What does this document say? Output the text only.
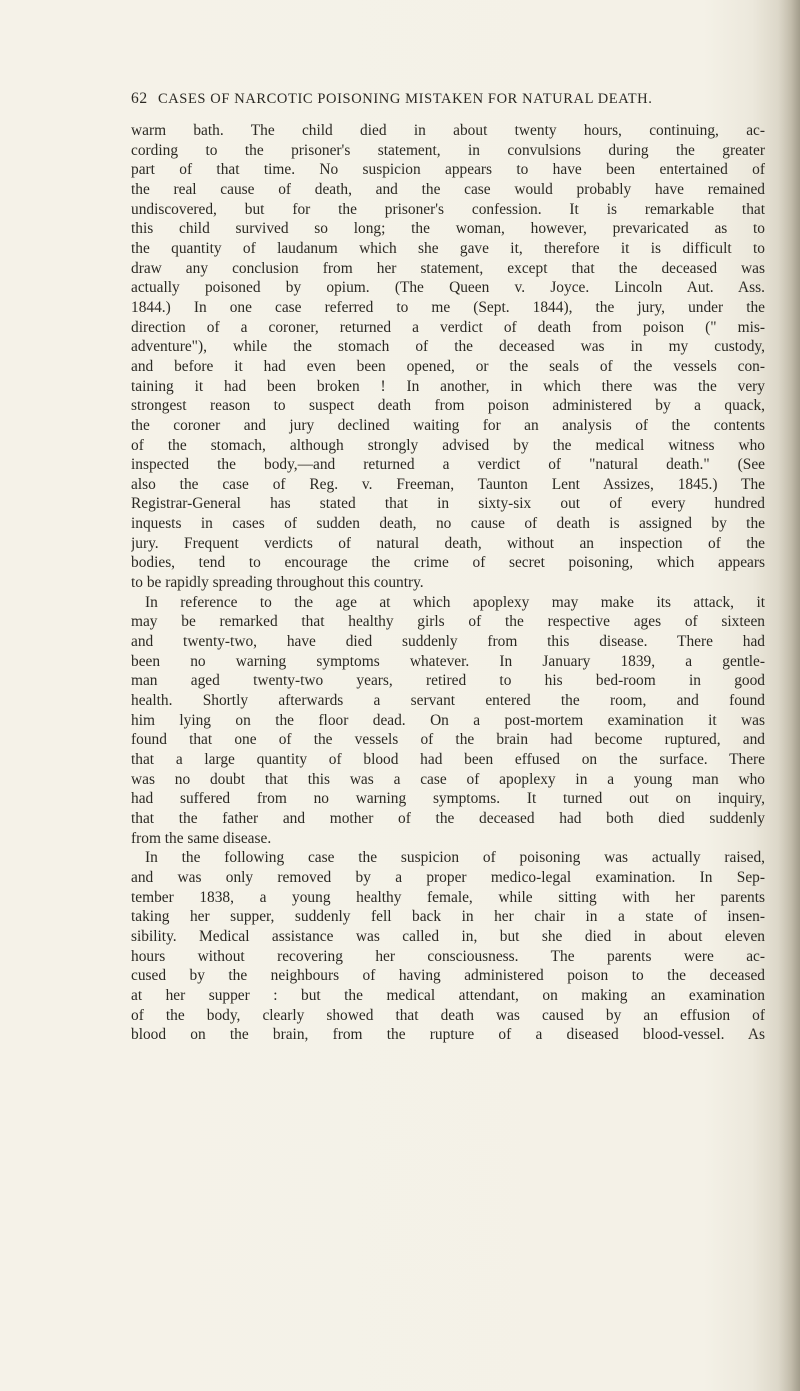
62 CASES OF NARCOTIC POISONING MISTAKEN FOR NATURAL DEATH.
warm bath. The child died in about twenty hours, continuing, ac-
cording to the prisoner's statement, in convulsions during the greater
part of that time. No suspicion appears to have been entertained of
the real cause of death, and the case would probably have remained
undiscovered, but for the prisoner's confession. It is remarkable that
this child survived so long; the woman, however, prevaricated as to
the quantity of laudanum which she gave it, therefore it is difficult to
draw any conclusion from her statement, except that the deceased was
actually poisoned by opium. (The Queen v. Joyce. Lincoln Aut. Ass.
1844.) In one case referred to me (Sept. 1844), the jury, under the
direction of a coroner, returned a verdict of death from poison (" mis-
adventure"), while the stomach of the deceased was in my custody,
and before it had even been opened, or the seals of the vessels con-
taining it had been broken ! In another, in which there was the very
strongest reason to suspect death from poison administered by a quack,
the coroner and jury declined waiting for an analysis of the contents
of the stomach, although strongly advised by the medical witness who
inspected the body,—and returned a verdict of "natural death." (See
also the case of Reg. v. Freeman, Taunton Lent Assizes, 1845.) The
Registrar-General has stated that in sixty-six out of every hundred
inquests in cases of sudden death, no cause of death is assigned by the
jury. Frequent verdicts of natural death, without an inspection of the
bodies, tend to encourage the crime of secret poisoning, which appears
to be rapidly spreading throughout this country.
In reference to the age at which apoplexy may make its attack, it
may be remarked that healthy girls of the respective ages of sixteen
and twenty-two, have died suddenly from this disease. There had
been no warning symptoms whatever. In January 1839, a gentle-
man aged twenty-two years, retired to his bed-room in good
health. Shortly afterwards a servant entered the room, and found
him lying on the floor dead. On a post-mortem examination it was
found that one of the vessels of the brain had become ruptured, and
that a large quantity of blood had been effused on the surface. There
was no doubt that this was a case of apoplexy in a young man who
had suffered from no warning symptoms. It turned out on inquiry,
that the father and mother of the deceased had both died suddenly
from the same disease.
In the following case the suspicion of poisoning was actually raised,
and was only removed by a proper medico-legal examination. In Sep-
tember 1838, a young healthy female, while sitting with her parents
taking her supper, suddenly fell back in her chair in a state of insen-
sibility. Medical assistance was called in, but she died in about eleven
hours without recovering her consciousness. The parents were ac-
cused by the neighbours of having administered poison to the deceased
at her supper : but the medical attendant, on making an examination
of the body, clearly showed that death was caused by an effusion of
blood on the brain, from the rupture of a diseased blood-vessel. As
